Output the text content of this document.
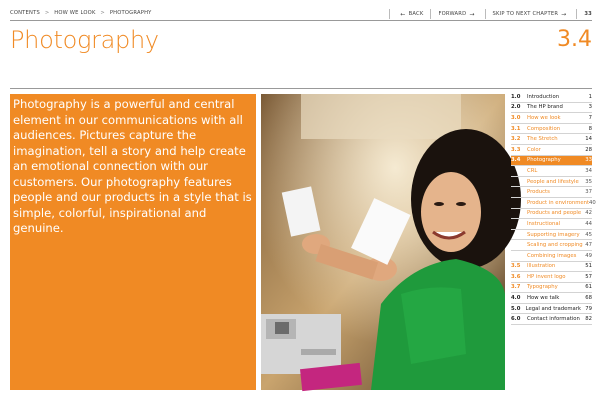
CONTENTS > HOW WE LOOK > PHOTOGRAPHY	← BACK	FORWARD →	SKIP TO NEXT CHAPTER →	33
Photography	3.4

Photography is a powerful and central element in our communications with all audiences. Pictures capture the imagination, tell a story and help create an emotional connection with our customers. Our photography features people and our products in a style that is simple, colorful, inspirational and genuine.

1.0	Introduction	1
2.0	The HP brand	3
3.0	How we look	7
3.1	Composition	8
3.2	The Stretch	14
3.3	Color	28
3.4	Photography	33
CRL	34
People and lifestyle	35
Products	37
Product in environment 40
Products and people 42
Instructional	44
Supporting imagery	45
Scaling and cropping 47
Combining images	49
3.5	Illustration	51
3.6	HP invent logo	57
3.7	Typography	61
4.0	How we talk	68
5.0 Legal and trademark 79
6.0	Contact information	82
